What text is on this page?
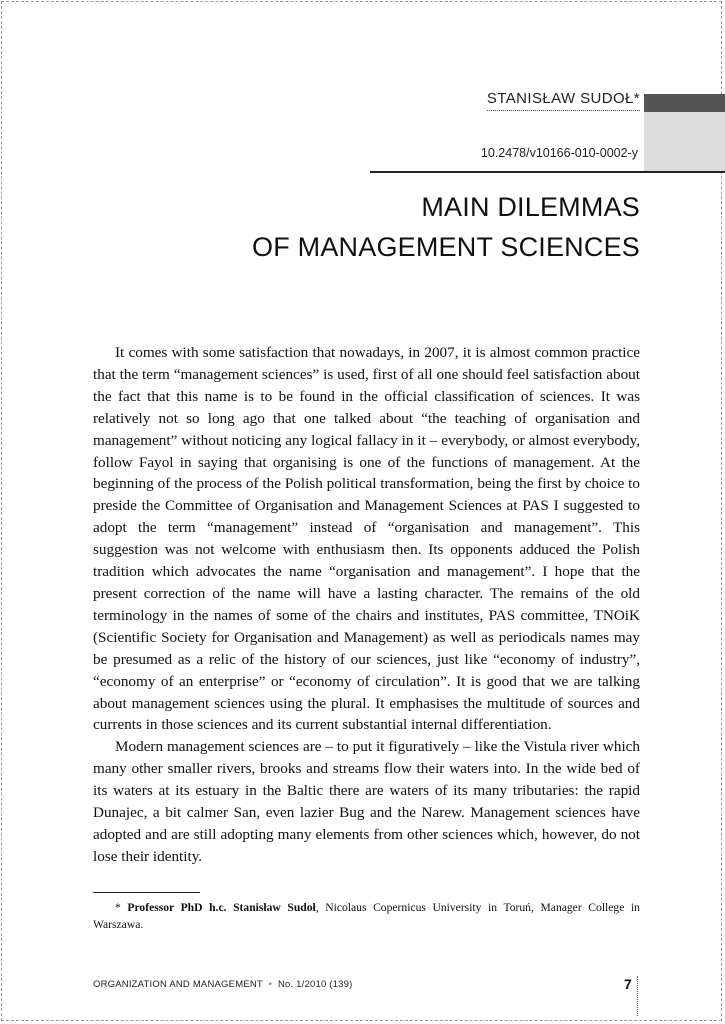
STANISŁAW SUDOŁ*
10.2478/v10166-010-0002-y
MAIN DILEMMAS
OF MANAGEMENT SCIENCES

It comes with some satisfaction that nowadays, in 2007, it is almost common practice that the term “management sciences” is used, first of all one should feel satisfaction about the fact that this name is to be found in the official classification of sciences. It was relatively not so long ago that one talked about “the teaching of organisation and management” without noticing any logical fallacy in it – everybody, or almost everybody, follow Fayol in saying that organising is one of the functions of management. At the beginning of the process of the Polish political transformation, being the first by choice to preside the Committee of Organisation and Management Sciences at PAS I suggested to adopt the term “management” instead of “organisation and management”. This suggestion was not welcome with enthusiasm then. Its opponents adduced the Polish tradition which advocates the name “organisation and management”. I hope that the present correction of the name will have a lasting character. The remains of the old terminology in the names of some of the chairs and institutes, PAS committee, TNOiK (Scientific Society for Organisation and Management) as well as periodicals names may be presumed as a relic of the history of our sciences, just like “economy of industry”, “economy of an enterprise” or “economy of circulation”. It is good that we are talking about management sciences using the plural. It emphasises the multitude of sources and currents in those sciences and its current substantial internal differentiation.

Modern management sciences are – to put it figuratively – like the Vistula river which many other smaller rivers, brooks and streams flow their waters into. In the wide bed of its waters at its estuary in the Baltic there are waters of its many tributaries: the rapid Dunajec, a bit calmer San, even lazier Bug and the Narew. Management sciences have adopted and are still adopting many elements from other sciences which, however, do not lose their identity.

* Professor PhD h.c. Stanisław Sudoł, Nicolaus Copernicus University in Toruń, Manager College in Warszawa.
ORGANIZATION AND MANAGEMENT • No. 1/2010 (139)	7
